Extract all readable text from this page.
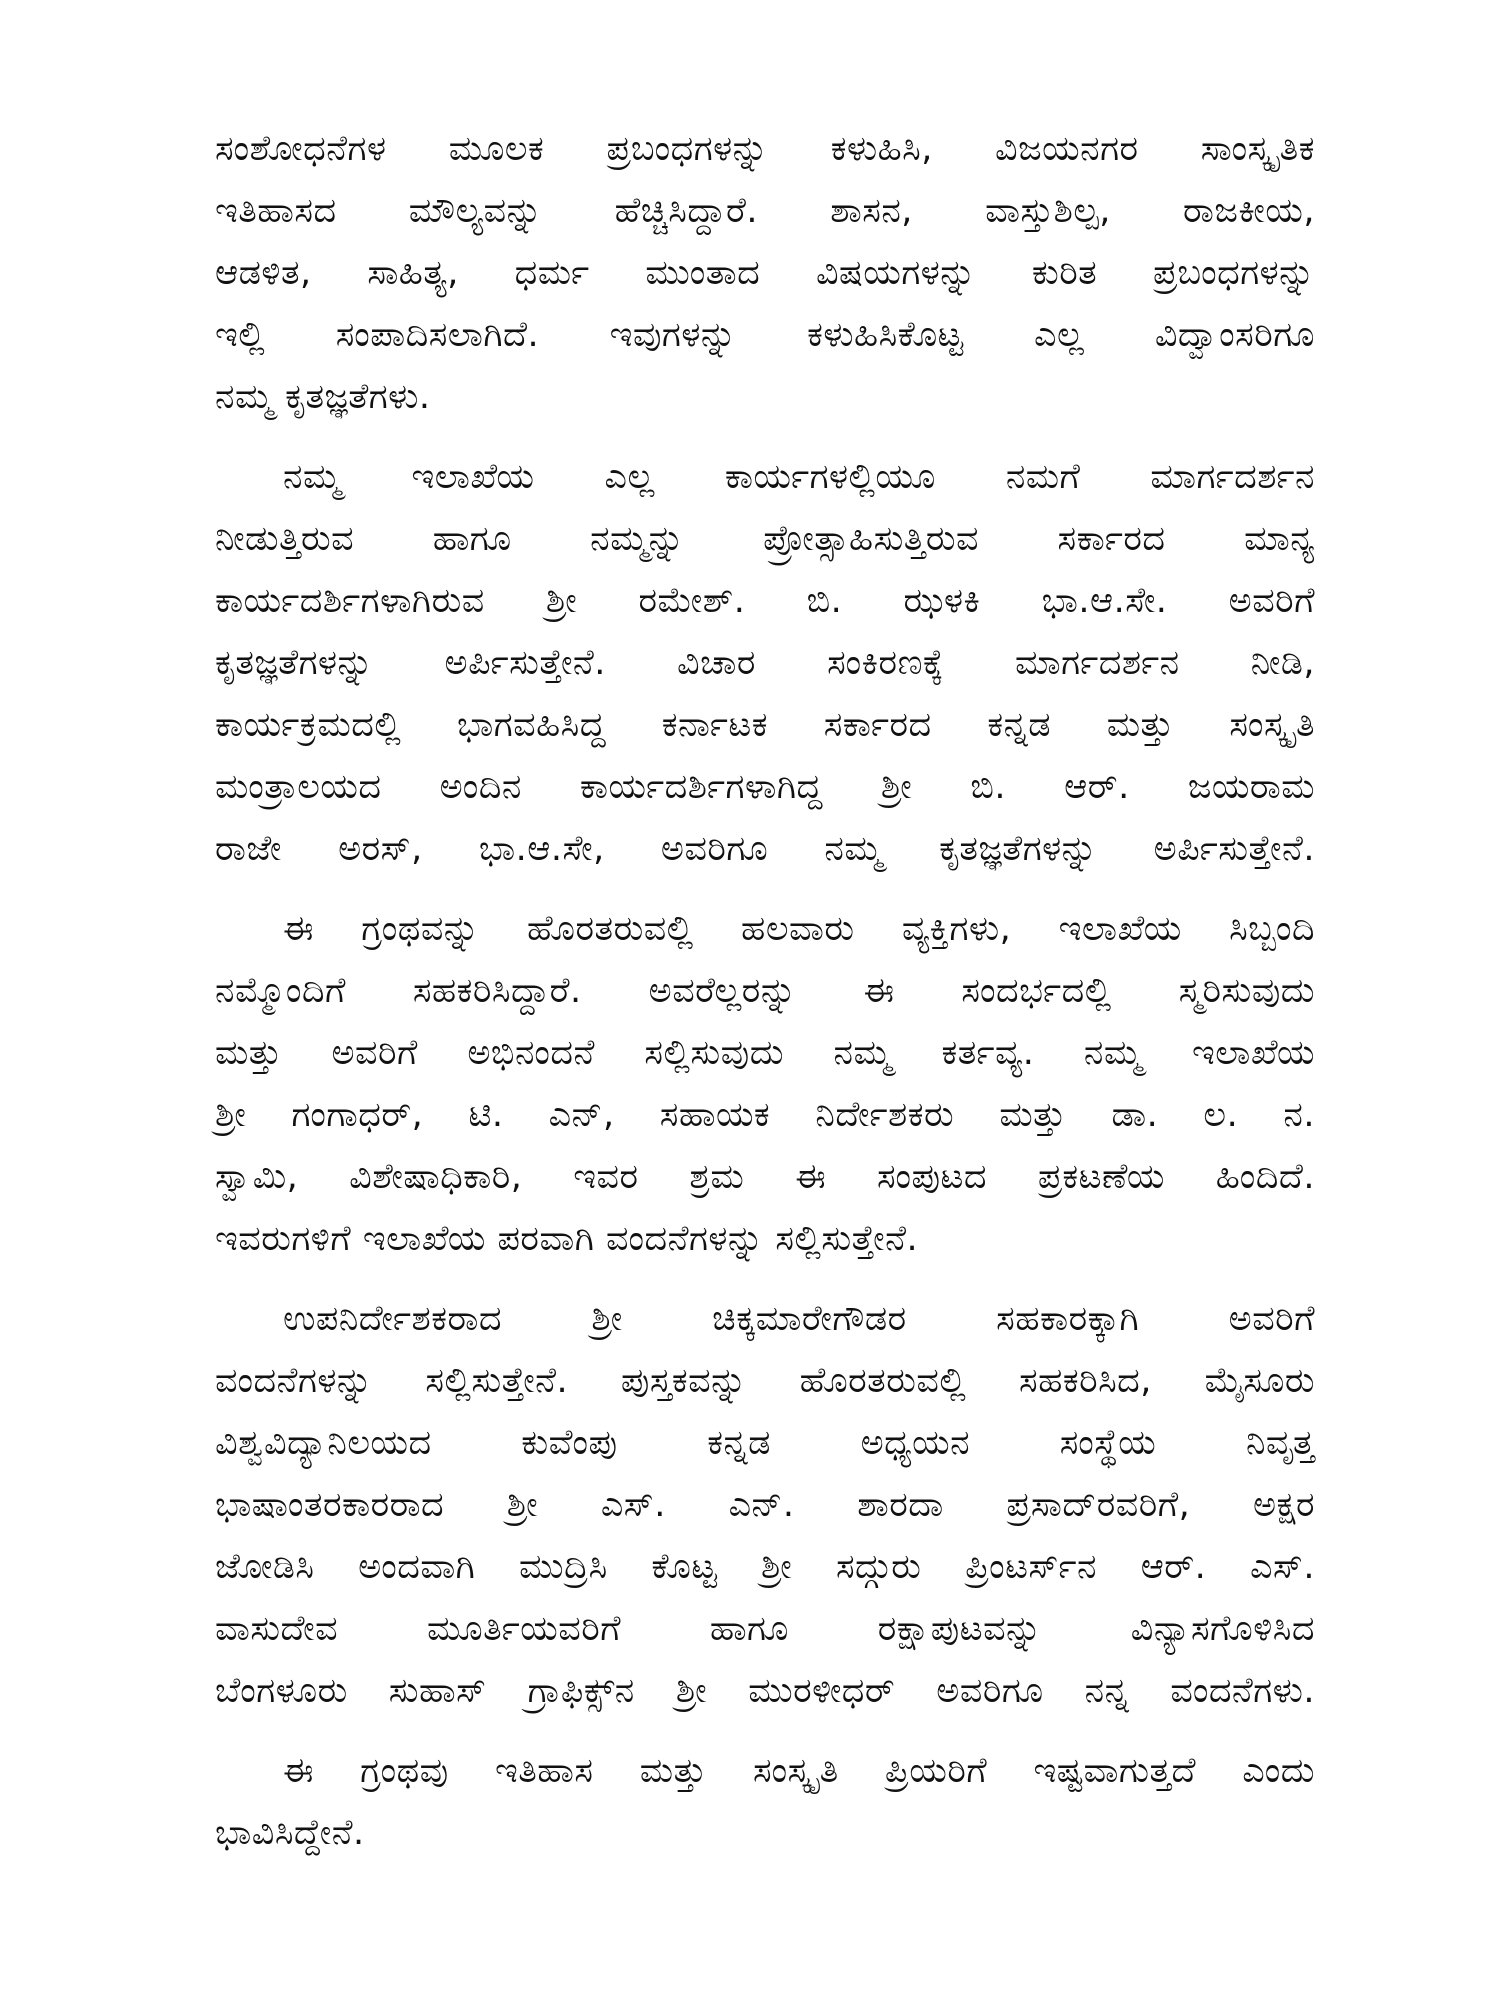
ಸಂಶೋಧನೆಗಳ ಮೂಲಕ ಪ್ರಬಂಧಗಳನ್ನು ಕಳುಹಿಸಿ, ವಿಜಯನಗರ ಸಾಂಸ್ಕೃತಿಕ
ಇತಿಹಾಸದ ಮೌಲ್ಯವನ್ನು ಹೆಚ್ಚಿಸಿದ್ದಾರೆ. ಶಾಸನ, ವಾಸ್ತುಶಿಲ್ಪ, ರಾಜಕೀಯ,
ಆಡಳಿತ, ಸಾಹಿತ್ಯ, ಧರ್ಮ ಮುಂತಾದ ವಿಷಯಗಳನ್ನು ಕುರಿತ ಪ್ರಬಂಧಗಳನ್ನು
ಇಲ್ಲಿ ಸಂಪಾದಿಸಲಾಗಿದೆ. ಇವುಗಳನ್ನು ಕಳುಹಿಸಿಕೊಟ್ಟ ಎಲ್ಲ ವಿದ್ವಾಂಸರಿಗೂ
ನಮ್ಮ ಕೃತಜ್ಞತೆಗಳು.
ನಮ್ಮ ಇಲಾಖೆಯ ಎಲ್ಲ ಕಾರ್ಯಗಳಲ್ಲಿಯೂ ನಮಗೆ ಮಾರ್ಗದರ್ಶನ
ನೀಡುತ್ತಿರುವ ಹಾಗೂ ನಮ್ಮನ್ನು ಪ್ರೋತ್ಸಾಹಿಸುತ್ತಿರುವ ಸರ್ಕಾರದ ಮಾನ್ಯ
ಕಾರ್ಯದರ್ಶಿಗಳಾಗಿರುವ ಶ್ರೀ ರಮೇಶ್. ಬಿ. ಝಳಕಿ ಭಾ.ಆ.ಸೇ. ಅವರಿಗೆ
ಕೃತಜ್ಞತೆಗಳನ್ನು ಅರ್ಪಿಸುತ್ತೇನೆ. ವಿಚಾರ ಸಂಕಿರಣಕ್ಕೆ ಮಾರ್ಗದರ್ಶನ ನೀಡಿ,
ಕಾರ್ಯಕ್ರಮದಲ್ಲಿ ಭಾಗವಹಿಸಿದ್ದ ಕರ್ನಾಟಕ ಸರ್ಕಾರದ ಕನ್ನಡ ಮತ್ತು ಸಂಸ್ಕೃತಿ
ಮಂತ್ರಾಲಯದ ಅಂದಿನ ಕಾರ್ಯದರ್ಶಿಗಳಾಗಿದ್ದ ಶ್ರೀ ಬಿ. ಆರ್. ಜಯರಾಮ
ರಾಜೇ ಅರಸ್, ಭಾ.ಆ.ಸೇ, ಅವರಿಗೂ ನಮ್ಮ ಕೃತಜ್ಞತೆಗಳನ್ನು ಅರ್ಪಿಸುತ್ತೇನೆ.
ಈ ಗ್ರಂಥವನ್ನು ಹೊರತರುವಲ್ಲಿ ಹಲವಾರು ವ್ಯಕ್ತಿಗಳು, ಇಲಾಖೆಯ ಸಿಬ್ಬಂದಿ
ನಮ್ಮೊಂದಿಗೆ ಸಹಕರಿಸಿದ್ದಾರೆ. ಅವರೆಲ್ಲರನ್ನು ಈ ಸಂದರ್ಭದಲ್ಲಿ ಸ್ಮರಿಸುವುದು
ಮತ್ತು ಅವರಿಗೆ ಅಭಿನಂದನೆ ಸಲ್ಲಿಸುವುದು ನಮ್ಮ ಕರ್ತವ್ಯ. ನಮ್ಮ ಇಲಾಖೆಯ
ಶ್ರೀ ಗಂಗಾಧರ್, ಟಿ. ಎನ್, ಸಹಾಯಕ ನಿರ್ದೇಶಕರು ಮತ್ತು ಡಾ. ಲ. ನ.
ಸ್ವಾಮಿ, ವಿಶೇಷಾಧಿಕಾರಿ, ಇವರ ಶ್ರಮ ಈ ಸಂಪುಟದ ಪ್ರಕಟಣೆಯ ಹಿಂದಿದೆ.
ಇವರುಗಳಿಗೆ ಇಲಾಖೆಯ ಪರವಾಗಿ ವಂದನೆಗಳನ್ನು ಸಲ್ಲಿಸುತ್ತೇನೆ.
ಉಪನಿರ್ದೇಶಕರಾದ ಶ್ರೀ ಚಿಕ್ಕಮಾರೇಗೌಡರ ಸಹಕಾರಕ್ಕಾಗಿ ಅವರಿಗೆ
ವಂದನೆಗಳನ್ನು ಸಲ್ಲಿಸುತ್ತೇನೆ. ಪುಸ್ತಕವನ್ನು ಹೊರತರುವಲ್ಲಿ ಸಹಕರಿಸಿದ, ಮೈಸೂರು
ವಿಶ್ವವಿದ್ಯಾನಿಲಯದ ಕುವೆಂಪು ಕನ್ನಡ ಅಧ್ಯಯನ ಸಂಸ್ಥೆಯ ನಿವೃತ್ತ
ಭಾಷಾಂತರಕಾರರಾದ ಶ್ರೀ ಎಸ್. ಎನ್. ಶಾರದಾ ಪ್ರಸಾದ್‌ರವರಿಗೆ, ಅಕ್ಷರ
ಜೋಡಿಸಿ ಅಂದವಾಗಿ ಮುದ್ರಿಸಿ ಕೊಟ್ಟ ಶ್ರೀ ಸದ್ಗುರು ಪ್ರಿಂಟರ್ಸ್‌ನ ಆರ್. ಎಸ್.
ವಾಸುದೇವ ಮೂರ್ತಿಯವರಿಗೆ ಹಾಗೂ ರಕ್ಷಾಪುಟವನ್ನು ವಿನ್ಯಾಸಗೊಳಿಸಿದ
ಬೆಂಗಳೂರು ಸುಹಾಸ್ ಗ್ರಾಫಿಕ್ಸ್‌ನ ಶ್ರೀ ಮುರಳೀಧರ್ ಅವರಿಗೂ ನನ್ನ ವಂದನೆಗಳು.
ಈ ಗ್ರಂಥವು ಇತಿಹಾಸ ಮತ್ತು ಸಂಸ್ಕೃತಿ ಪ್ರಿಯರಿಗೆ ಇಷ್ಟವಾಗುತ್ತದೆ ಎಂದು
ಭಾವಿಸಿದ್ದೇನೆ.
